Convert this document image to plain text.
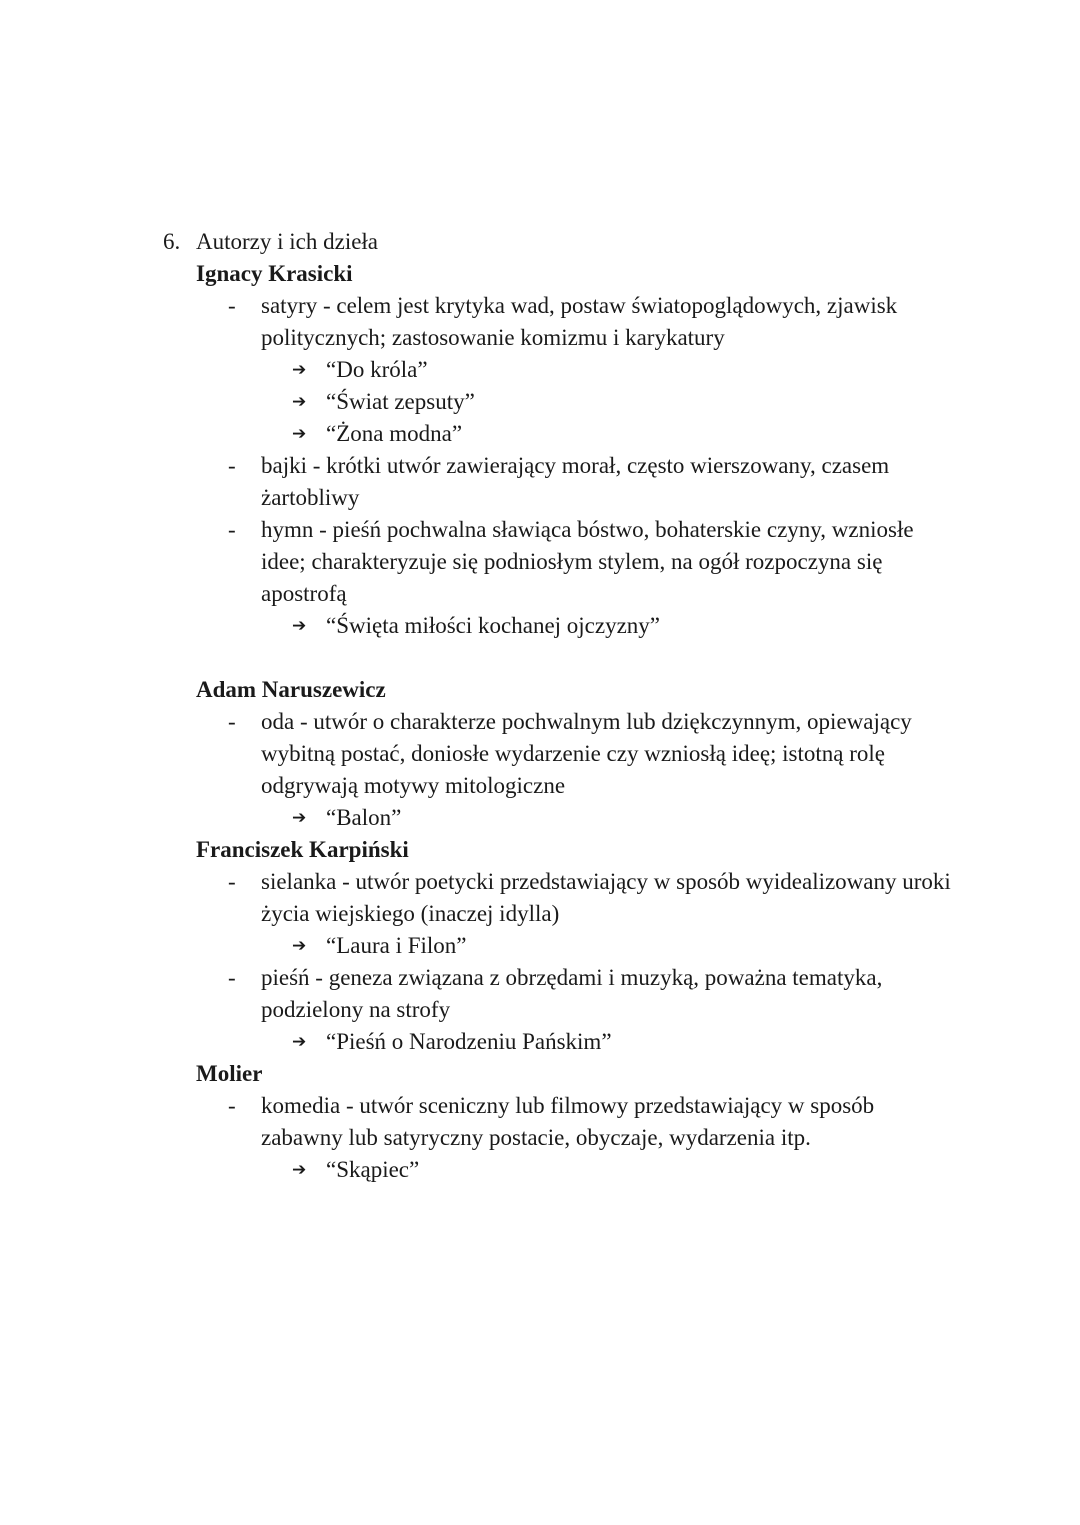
6. Autorzy i ich dzieła
Ignacy Krasicki
- satyry - celem jest krytyka wad, postaw światopoglądowych, zjawisk politycznych; zastosowanie komizmu i karykatury
➔ “Do króla”
➔ “Świat zepsuty”
➔ “Żona modna”
- bajki - krótki utwór zawierający morał, często wierszowany, czasem żartobliwy
- hymn - pieśń pochwalna sławiąca bóstwo, bohaterskie czyny, wzniosłe idee; charakteryzuje się podniosłym stylem, na ogół rozpoczyna się apostrofą
➔ “Święta miłości kochanej ojczyzny”
Adam Naruszewicz
- oda - utwór o charakterze pochwalnym lub dziękczynnym, opiewający wybitną postać, doniosłe wydarzenie czy wzniosłą ideę; istotną rolę odgrywają motywy mitologiczne
➔ “Balon”
Franciszek Karpiński
- sielanka - utwór poetycki przedstawiający w sposób wyidealizowany uroki życia wiejskiego (inaczej idylla)
➔ “Laura i Filon”
- pieśń - geneza związana z obrzędami i muzyką, poważna tematyka, podzielony na strofy
➔ “Pieśń o Narodzeniu Pańskim”
Molier
- komedia - utwór sceniczny lub filmowy przedstawiający w sposób zabawny lub satyryczny postacie, obyczaje, wydarzenia itp.
➔ “Skąpiec”
